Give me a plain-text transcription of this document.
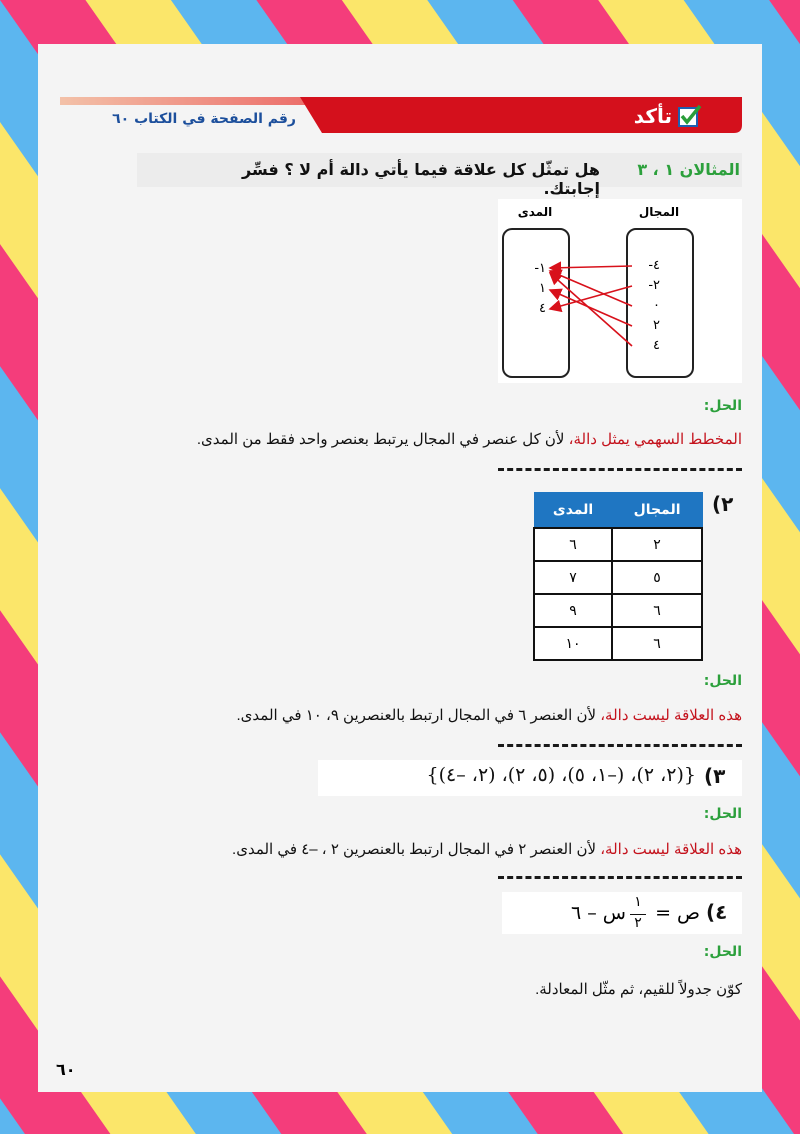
رقم الصفحة في الكتاب ٦٠	تأكد
المثالان ١ ، ٣
هل تمثّل كل علاقة فيما يأتي دالة أم لا ؟ فسِّر إجابتك.
المجال
المدى
٤-
٢-
٠
٢
٤
١-
١
٤
الحل:
المخطط السهمي يمثل دالة، لأن كل عنصر في المجال يرتبط بعنصر واحد فقط من المدى.
٢)
المجال	المدى
٢	٦
٥	٧
٦	٩
٦	١٠
الحل:
هذه العلاقة ليست دالة، لأن العنصر ٦ في المجال ارتبط بالعنصرين ٩، ١٠ في المدى.
٣)
{(٢، ٢)، (–١، ٥)، (٥، ٢)، (٢، –٤)}
الحل:
هذه العلاقة ليست دالة، لأن العنصر ٢ في المجال ارتبط بالعنصرين ٢ ، –٤ في المدى.
٤)
ص =
١
٢
س – ٦
الحل:
كوّن جدولاً للقيم، ثم مثّل المعادلة.
٦٠
